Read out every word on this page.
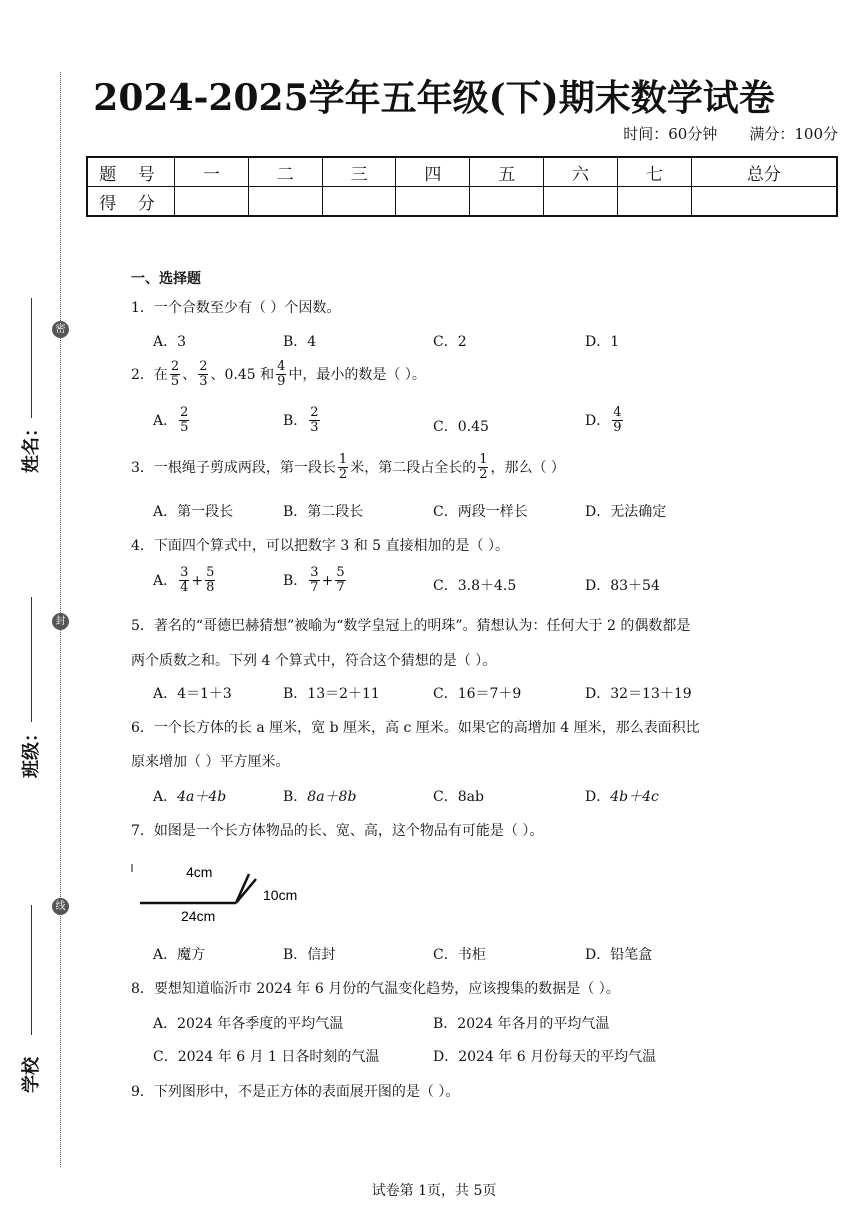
2024-2025学年五年级(下)期末数学试卷
时间：60分钟 满分：100分
题 号	一	二	三	四	五	六	七	总分
得 分								
密
封
线
姓名：
班级：
学校
一、选择题
1．一个合数至少有（ ）个因数。
A．3	B．4	C．2	D．1
2．在 $\frac{2}{5}$ 、 $\frac{2}{3}$ 、0.45 和 $\frac{4}{9}$ 中，最小的数是（ ）。
A． $\frac{2}{5}$	B． $\frac{2}{3}$	C．0.45	D． $\frac{4}{9}$
3．一根绳子剪成两段，第一段长 $\frac{1}{2}$ 米，第二段占全长的 $\frac{1}{2}$ ，那么（ ）
A．第一段长	B．第二段长	C．两段一样长	D．无法确定
4．下面四个算式中，可以把数字 3 和 5 直接相加的是（ ）。
A． $\frac{3}{4} + \frac{5}{8}$	B． $\frac{3}{7} + \frac{5}{7}$	C．3.8＋4.5	D．83＋54
5．著名的“哥德巴赫猜想”被喻为“数学皇冠上的明珠”。猜想认为：任何大于 2 的偶数都是
两个质数之和。下列 4 个算式中，符合这个猜想的是（ ）。
A．4＝1＋3	B．13＝2＋11	C．16＝7＋9	D．32＝13＋19
6．一个长方体的长 a 厘米，宽 b 厘米，高 c 厘米。如果它的高增加 4 厘米，那么表面积比
原来增加（ ）平方厘米。
A．4a＋4b	B．8a＋8b	C．8ab	D．4b＋4c
7．如图是一个长方体物品的长、宽、高，这个物品有可能是（ ）。
4cm
24cm
10cm
A．魔方	B．信封	C．书柜	D．铅笔盒
8．要想知道临沂市 2024 年 6 月份的气温变化趋势，应该搜集的数据是（ ）。
A．2024 年各季度的平均气温	B．2024 年各月的平均气温
C．2024 年 6 月 1 日各时刻的气温	D．2024 年 6 月份每天的平均气温
9．下列图形中，不是正方体的表面展开图的是（ ）。
试卷第 1页，共 5页
